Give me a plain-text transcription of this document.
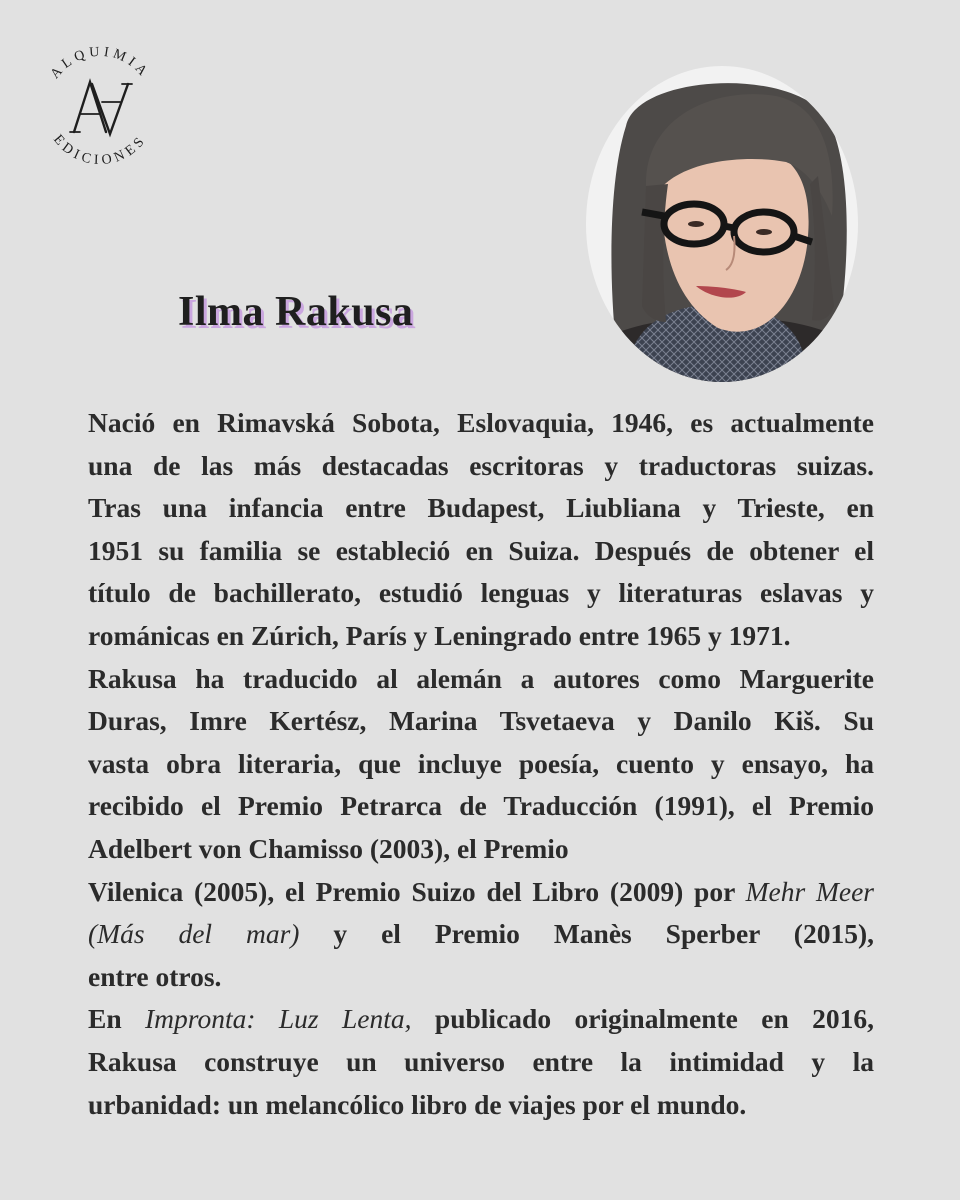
ALQUIMIA
EDICIONES
Ilma Rakusa

Nació en Rimavská Sobota, Eslovaquia, 1946, es actualmente
una de las más destacadas escritoras y traductoras suizas.
Tras una infancia entre Budapest, Liubliana y Trieste, en
1951 su familia se estableció en Suiza. Después de obtener el
título de bachillerato, estudió lenguas y literaturas eslavas y
románicas en Zúrich, París y Leningrado entre 1965 y 1971.

Rakusa ha traducido al alemán a autores como Marguerite
Duras, Imre Kertész, Marina Tsvetaeva y Danilo Kiš. Su
vasta obra literaria, que incluye poesía, cuento y ensayo, ha
recibido el Premio Petrarca de Traducción (1991), el Premio
Adelbert von Chamisso (2003), el Premio
Vilenica (2005), el Premio Suizo del Libro (2009) por Mehr Meer (Más del mar) y el Premio Manès Sperber (2015),
entre otros.

En Impronta: Luz Lenta, publicado originalmente en 2016,
Rakusa construye un universo entre la intimidad y la
urbanidad: un melancólico libro de viajes por el mundo.
